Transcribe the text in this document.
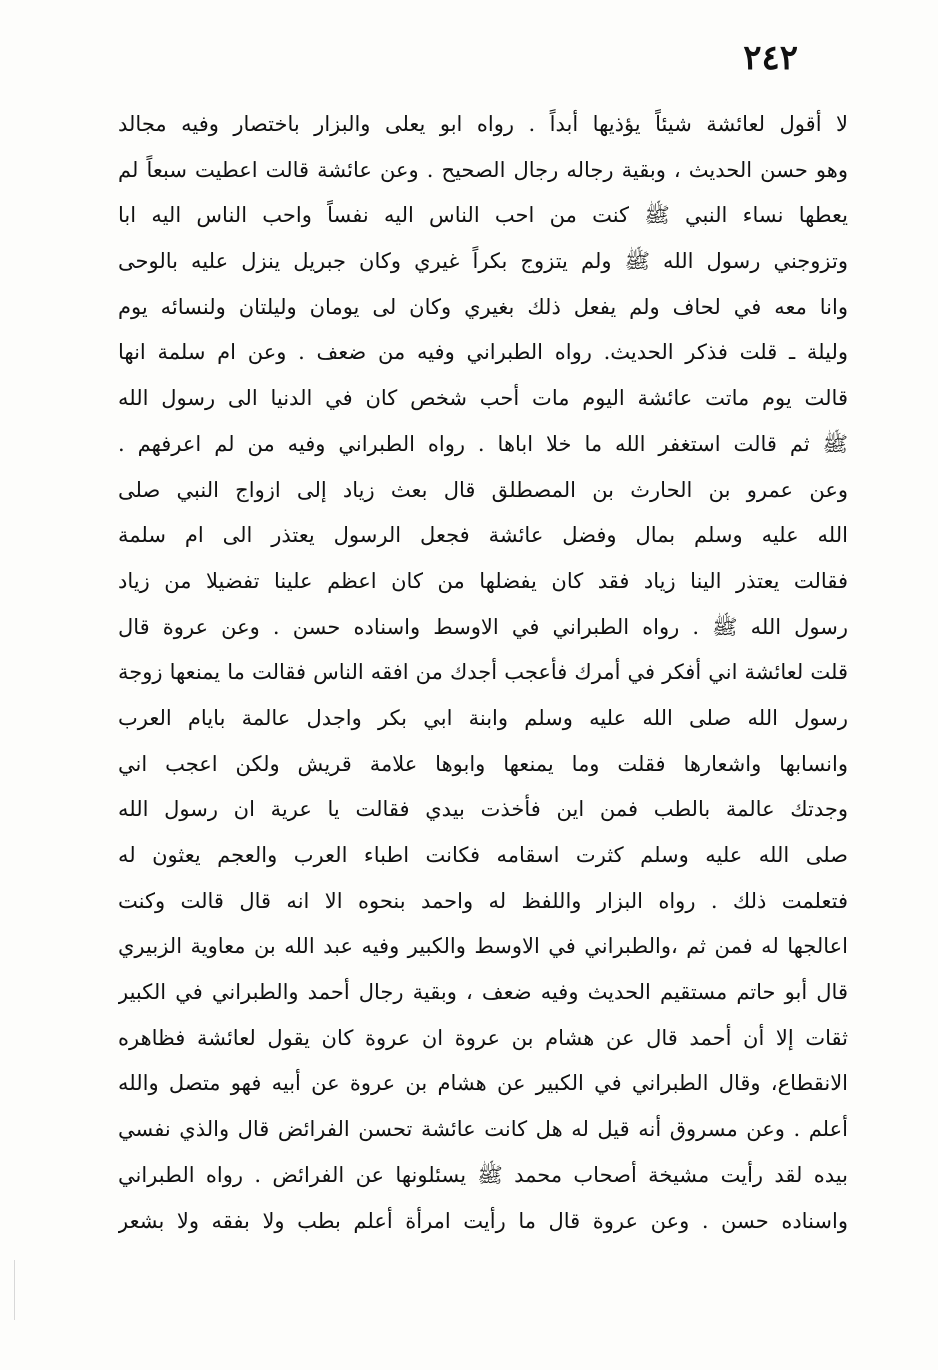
٢٤٢
لا أقول لعائشة شيئاً يؤذيها أبداً . رواه ابو يعلى والبزار باختصار وفيه مجالد
وهو حسن الحديث ، وبقية رجاله رجال الصحيح . وعن عائشة قالت اعطيت سبعاً لم
يعطها نساء النبي ﷺ كنت من احب الناس اليه نفساً واحب الناس اليه ابا
وتزوجني رسول الله ﷺ ولم يتزوج بكراً غيري وكان جبريل ينزل عليه بالوحى
وانا معه في لحاف ولم يفعل ذلك بغيري وكان لى يومان وليلتان ولنسائه يوم
وليلة ـ قلت فذكر الحديث. رواه الطبراني وفيه من ضعف . وعن ام سلمة انها
قالت يوم ماتت عائشة اليوم مات أحب شخص كان في الدنيا الى رسول الله
ﷺ ثم قالت استغفر الله ما خلا اباها . رواه الطبراني وفيه من لم اعرفهم .
وعن عمرو بن الحارث بن المصطلق قال بعث زياد إلى ازواج النبي صلى
الله عليه وسلم بمال وفضل عائشة فجعل الرسول يعتذر الى ام سلمة
فقالت يعتذر الينا زياد فقد كان يفضلها من كان اعظم علينا تفضيلا من زياد
رسول الله ﷺ . رواه الطبراني في الاوسط واسناده حسن . وعن عروة قال
قلت لعائشة اني أفكر في أمرك فأعجب أجدك من افقه الناس فقالت ما يمنعها زوجة
رسول الله صلى الله عليه وسلم وابنة ابي بكر واجدل عالمة بايام العرب
وانسابها واشعارها فقلت وما يمنعها وابوها علامة قريش ولكن اعجب اني
وجدتك عالمة بالطب فمن اين فأخذت بيدي فقالت يا عرية ان رسول الله
صلى الله عليه وسلم كثرت اسقامه فكانت اطباء العرب والعجم يعثون له
فتعلمت ذلك . رواه البزار واللفظ له واحمد بنحوه الا انه قال قالت وكنت
اعالجها له فمن ثم ،والطبراني في الاوسط والكبير وفيه عبد الله بن معاوية الزبيري
قال أبو حاتم مستقيم الحديث وفيه ضعف ، وبقية رجال أحمد والطبراني في الكبير
ثقات إلا أن أحمد قال عن هشام بن عروة ان عروة كان يقول لعائشة فظاهره
الانقطاع، وقال الطبراني في الكبير عن هشام بن عروة عن أبيه فهو متصل والله
أعلم . وعن مسروق أنه قيل له هل كانت عائشة تحسن الفرائض قال والذي نفسي
بيده لقد رأيت مشيخة أصحاب محمد ﷺ يسئلونها عن الفرائض . رواه الطبراني
واسناده حسن . وعن عروة قال ما رأيت امرأة أعلم بطب ولا بفقه ولا بشعر
